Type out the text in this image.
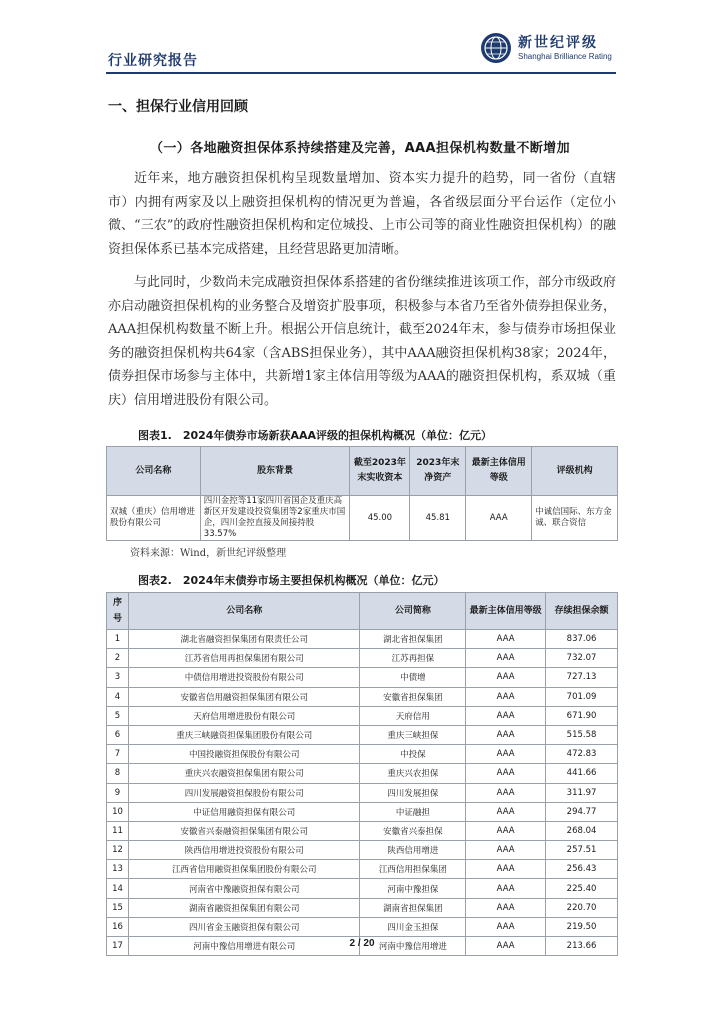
行业研究报告
新世纪评级
Shanghai Brilliance Rating
一、担保行业信用回顾
（一）各地融资担保体系持续搭建及完善，AAA担保机构数量不断增加
近年来，地方融资担保机构呈现数量增加、资本实力提升的趋势，同一省份（直辖市）内拥有两家及以上融资担保机构的情况更为普遍，各省级层面分平台运作（定位小微、“三农”的政府性融资担保机构和定位城投、上市公司等的商业性融资担保机构）的融资担保体系已基本完成搭建，且经营思路更加清晰。
与此同时，少数尚未完成融资担保体系搭建的省份继续推进该项工作，部分市级政府亦启动融资担保机构的业务整合及增资扩股事项，积极参与本省乃至省外债券担保业务，AAA担保机构数量不断上升。根据公开信息统计，截至2024年末，参与债券市场担保业务的融资担保机构共64家（含ABS担保业务），其中AAA融资担保机构38家；2024年，债券担保市场参与主体中，共新增1家主体信用等级为AAA的融资担保机构，系双城（重庆）信用增进股份有限公司。
图表1.　2024年债券市场新获AAA评级的担保机构概况（单位：亿元）
公司名称	股东背景	截至2023年末实收资本	2023年末净资产	最新主体信用等级	评级机构
双城（重庆）信用增进股份有限公司	四川金控等11家四川省国企及重庆高新区开发建设投资集团等2家重庆市国企，四川金控直接及间接持股33.57%	45.00	45.81	AAA	中诚信国际、东方金诚、联合资信
资料来源：Wind，新世纪评级整理
图表2.　2024年末债券市场主要担保机构概况（单位：亿元）
序号	公司名称	公司简称	最新主体信用等级	存续担保余额
1	湖北省融资担保集团有限责任公司	湖北省担保集团	AAA	837.06
2	江苏省信用再担保集团有限公司	江苏再担保	AAA	732.07
3	中债信用增进投资股份有限公司	中债增	AAA	727.13
4	安徽省信用融资担保集团有限公司	安徽省担保集团	AAA	701.09
5	天府信用增进股份有限公司	天府信用	AAA	671.90
6	重庆三峡融资担保集团股份有限公司	重庆三峡担保	AAA	515.58
7	中国投融资担保股份有限公司	中投保	AAA	472.83
8	重庆兴农融资担保集团有限公司	重庆兴农担保	AAA	441.66
9	四川发展融资担保股份有限公司	四川发展担保	AAA	311.97
10	中证信用融资担保有限公司	中证融担	AAA	294.77
11	安徽省兴泰融资担保集团有限公司	安徽省兴泰担保	AAA	268.04
12	陕西信用增进投资股份有限公司	陕西信用增进	AAA	257.51
13	江西省信用融资担保集团股份有限公司	江西信用担保集团	AAA	256.43
14	河南省中豫融资担保有限公司	河南中豫担保	AAA	225.40
15	湖南省融资担保集团有限公司	湖南省担保集团	AAA	220.70
16	四川省金玉融资担保有限公司	四川金玉担保	AAA	219.50
17	河南中豫信用增进有限公司	河南中豫信用增进	AAA	213.66
2 / 20
